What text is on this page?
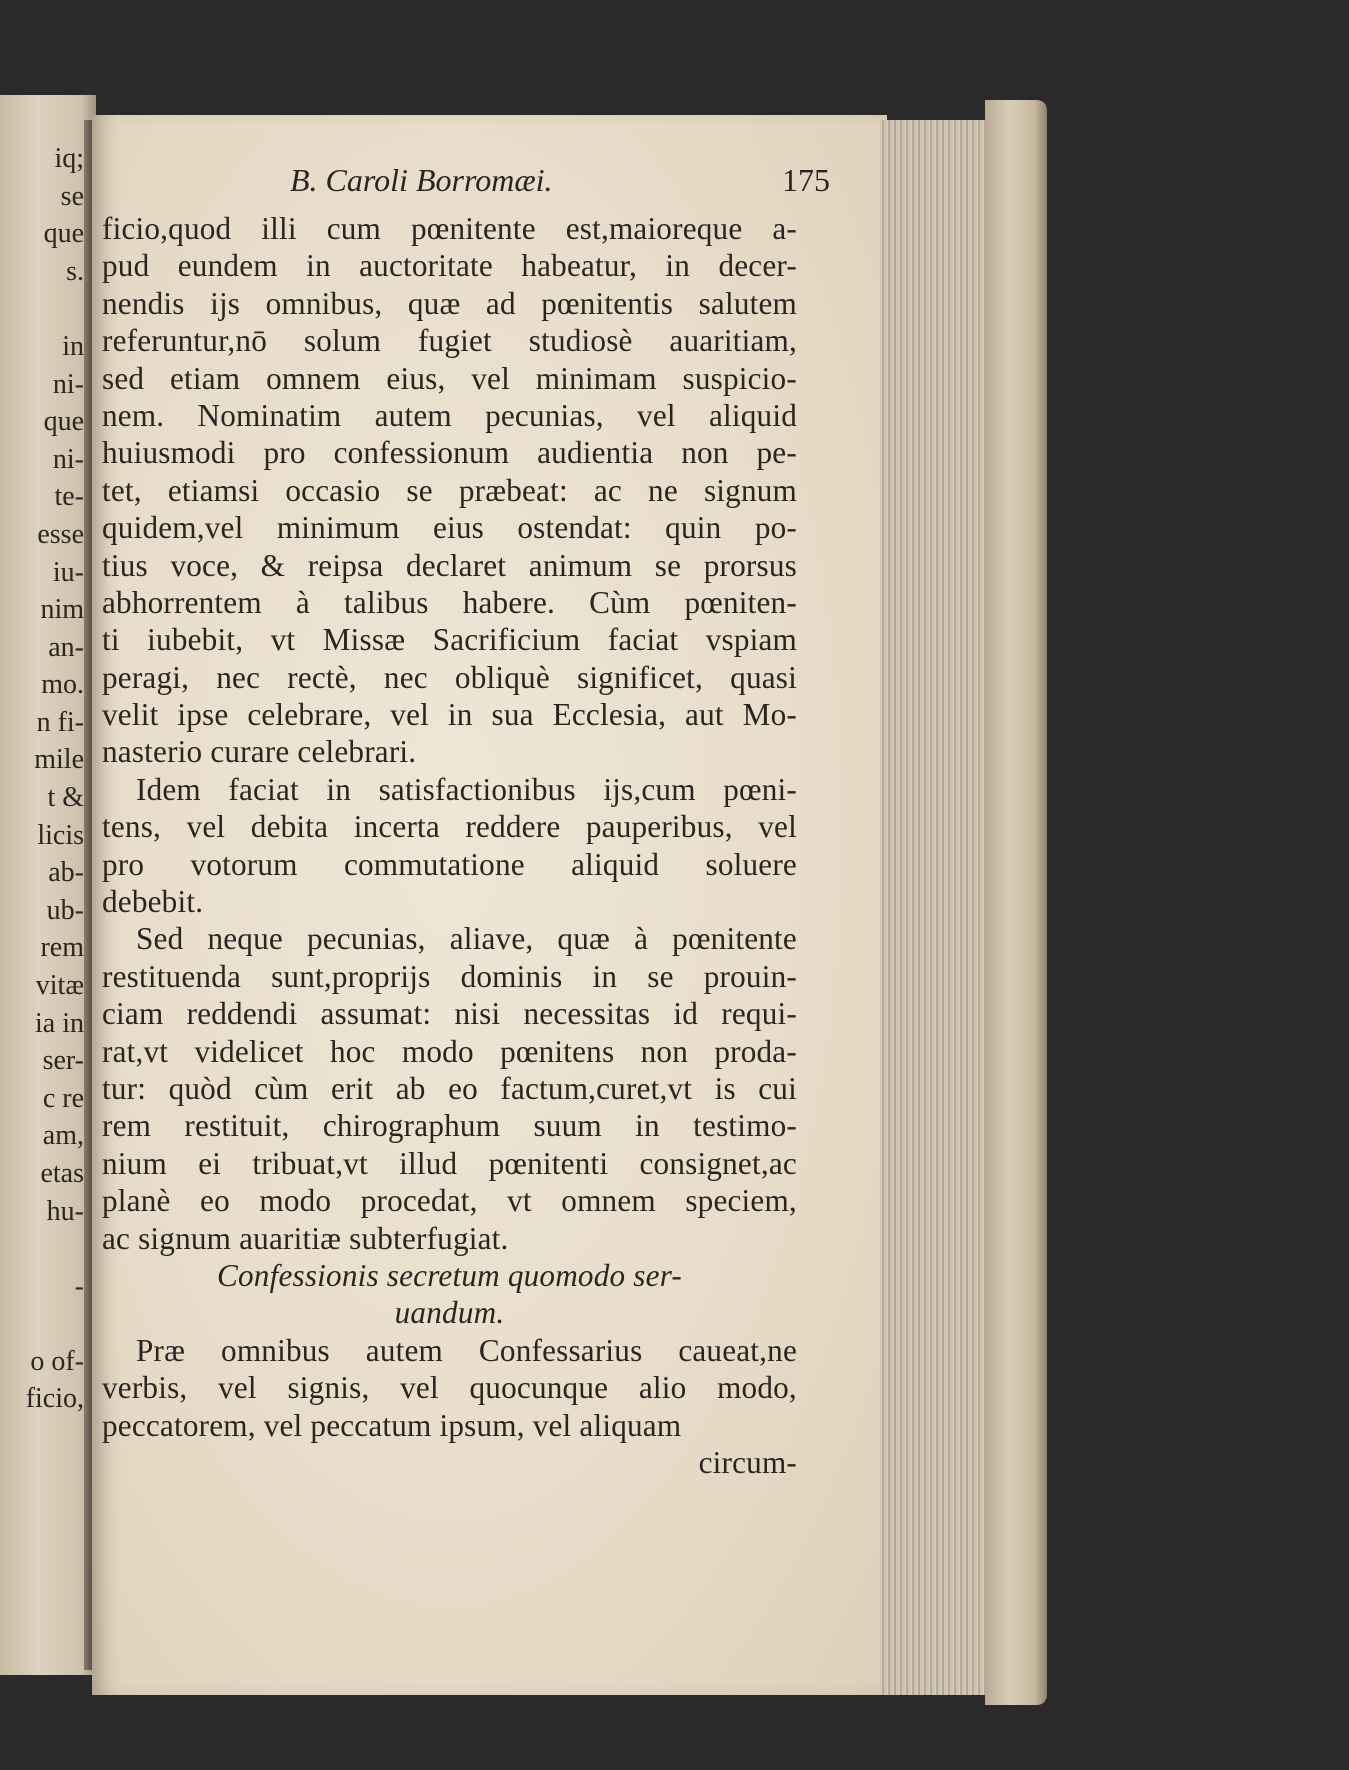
iq;
se
que
s.
in
ni-
que
ni-
te-
esse
iu-
nim
an-
mo.
n fi-
mile
t &
licis
ab-
ub-
rem
vitæ
ia in
ser-
c re
am,
etas
hu-
-
o of-
ficio,
B. Caroli Borromæi.	175
ficio,quod illi cum pœnitente est,maioreque a-
pud eundem in auctoritate habeatur, in decer-
nendis ijs omnibus, quæ ad pœnitentis salutem
referuntur,nō solum fugiet studiosè auaritiam,
sed etiam omnem eius, vel minimam suspicio-
nem. Nominatim autem pecunias, vel aliquid
huiusmodi pro confessionum audientia non pe-
tet, etiamsi occasio se præbeat: ac ne signum
quidem,vel minimum eius ostendat: quin po-
tius voce, & reipsa declaret animum se prorsus
abhorrentem à talibus habere. Cùm pœniten-
ti iubebit, vt Missæ Sacrificium faciat vspiam
peragi, nec rectè, nec obliquè significet, quasi
velit ipse celebrare, vel in sua Ecclesia, aut Mo-
nasterio curare celebrari.
Idem faciat in satisfactionibus ijs,cum pœni-
tens, vel debita incerta reddere pauperibus, vel
pro votorum commutatione aliquid soluere
debebit.
Sed neque pecunias, aliave, quæ à pœnitente
restituenda sunt,proprijs dominis in se prouin-
ciam reddendi assumat: nisi necessitas id requi-
rat,vt videlicet hoc modo pœnitens non proda-
tur: quòd cùm erit ab eo factum,curet,vt is cui
rem restituit, chirographum suum in testimo-
nium ei tribuat,vt illud pœnitenti consignet,ac
planè eo modo procedat, vt omnem speciem,
ac signum auaritiæ subterfugiat.
Confessionis secretum quomodo ser-
uandum.
Præ omnibus autem Confessarius caueat,ne
verbis, vel signis, vel quocunque alio modo,
peccatorem, vel peccatum ipsum, vel aliquam
circum-
